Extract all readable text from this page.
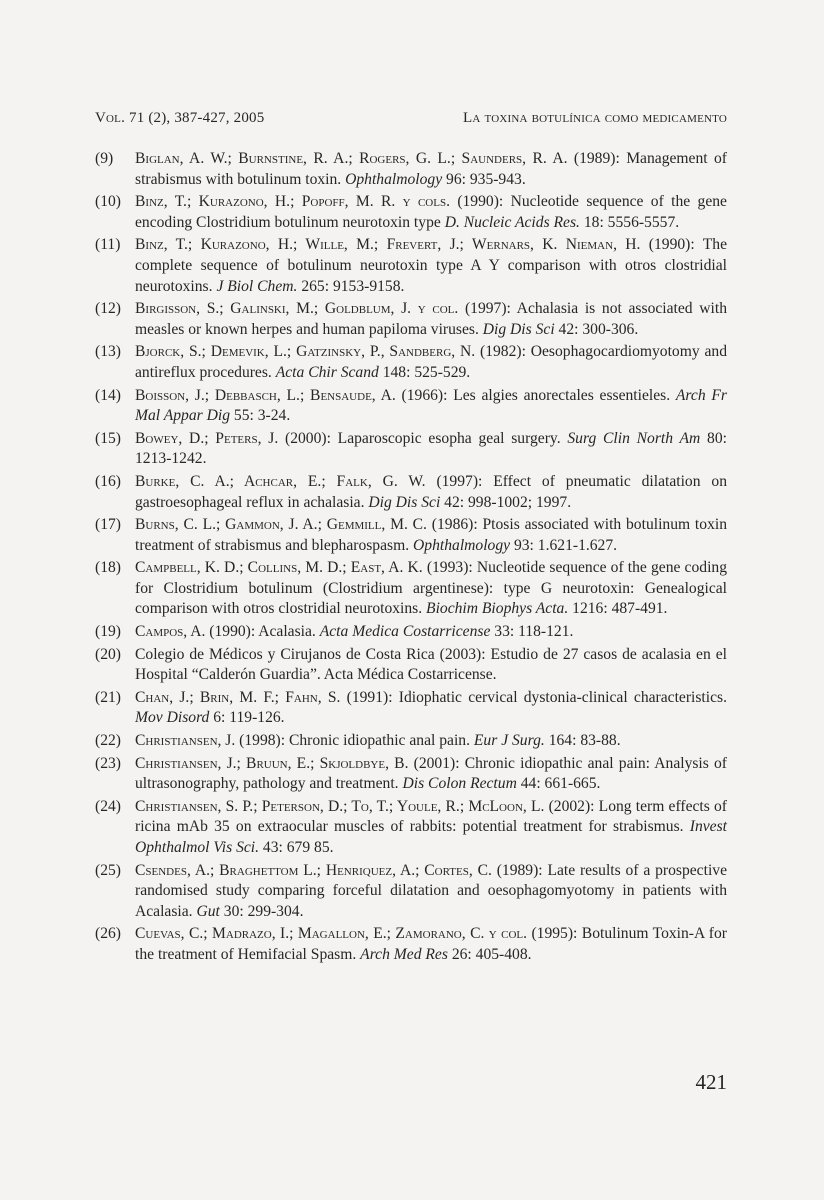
Vol. 71 (2), 387-427, 2005	La toxina botulínica como medicamento
(9)	Biglan, A. W.; Burnstine, R. A.; Rogers, G. L.; Saunders, R. A. (1989): Management of strabismus with botulinum toxin. Ophthalmology 96: 935-943.
(10) Binz, T.; Kurazono, H.; Popoff, M. R. y cols. (1990): Nucleotide sequence of the gene encoding Clostridium botulinum neurotoxin type D. Nucleic Acids Res. 18: 5556-5557.
(11) Binz, T.; Kurazono, H.; Wille, M.; Frevert, J.; Wernars, K. Nieman, H. (1990): The complete sequence of botulinum neurotoxin type A Y comparison with otros clostridial neurotoxins. J Biol Chem. 265: 9153-9158.
(12) Birgisson, S.; Galinski, M.; Goldblum, J. y col. (1997): Achalasia is not associated with measles or known herpes and human papiloma viruses. Dig Dis Sci 42: 300-306.
(13) Bjorck, S.; Demevik, L.; Gatzinsky, P., Sandberg, N. (1982): Oesophagocardiomyotomy and antireflux procedures. Acta Chir Scand 148: 525-529.
(14) Boisson, J.; Debbasch, L.; Bensaude, A. (1966): Les algies anorectales essentieles. Arch Fr Mal Appar Dig 55: 3-24.
(15) Bowey, D.; Peters, J. (2000): Laparoscopic esopha geal surgery. Surg Clin North Am 80: 1213-1242.
(16) Burke, C. A.; Achcar, E.; Falk, G. W. (1997): Effect of pneumatic dilatation on gastroesophageal reflux in achalasia. Dig Dis Sci 42: 998-1002; 1997.
(17) Burns, C. L.; Gammon, J. A.; Gemmill, M. C. (1986): Ptosis associated with botulinum toxin treatment of strabismus and blepharospasm. Ophthalmology 93: 1.621-1.627.
(18) Campbell, K. D.; Collins, M. D.; East, A. K. (1993): Nucleotide sequence of the gene coding for Clostridium botulinum (Clostridium argentinese): type G neurotoxin: Genealogical comparison with otros clostridial neurotoxins. Biochim Biophys Acta. 1216: 487-491.
(19) Campos, A. (1990): Acalasia. Acta Medica Costarricense 33: 118-121.
(20) Colegio de Médicos y Cirujanos de Costa Rica (2003): Estudio de 27 casos de acalasia en el Hospital “Calderón Guardia”. Acta Médica Costarricense.
(21) Chan, J.; Brin, M. F.; Fahn, S. (1991): Idiophatic cervical dystonia-clinical characteristics. Mov Disord 6: 119-126.
(22) Christiansen, J. (1998): Chronic idiopathic anal pain. Eur J Surg. 164: 83-88.
(23) Christiansen, J.; Bruun, E.; Skjoldbye, B. (2001): Chronic idiopathic anal pain: Analysis of ultrasonography, pathology and treatment. Dis Colon Rectum 44: 661-665.
(24) Christiansen, S. P.; Peterson, D.; To, T.; Youle, R.; McLoon, L. (2002): Long term effects of ricina mAb 35 on extraocular muscles of rabbits: potential treatment for strabismus. Invest Ophthalmol Vis Sci. 43: 679 85.
(25) Csendes, A.; Braghettom L.; Henriquez, A.; Cortes, C. (1989): Late results of a prospective randomised study comparing forceful dilatation and oesophagomyotomy in patients with Acalasia. Gut 30: 299-304.
(26) Cuevas, C.; Madrazo, I.; Magallon, E.; Zamorano, C. y col. (1995): Botulinum Toxin-A for the treatment of Hemifacial Spasm. Arch Med Res 26: 405-408.
421
